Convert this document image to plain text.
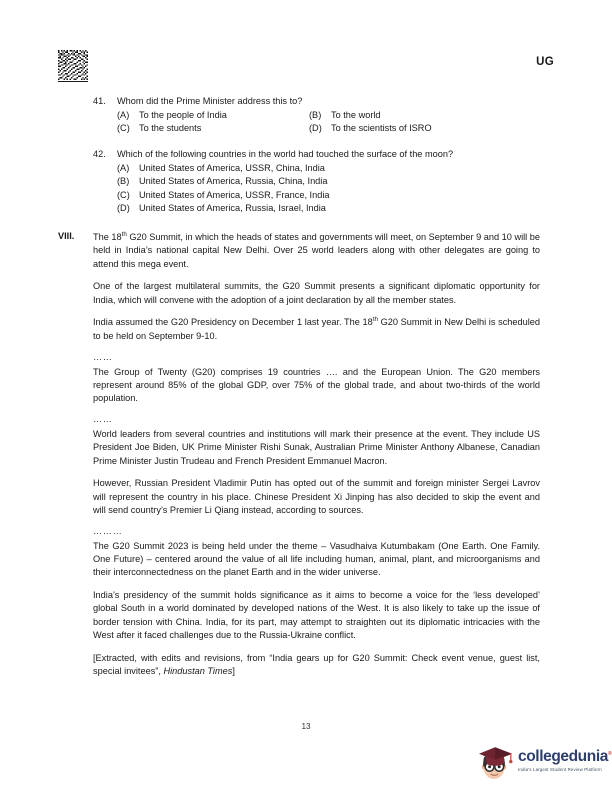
UG
41.	Whom did the Prime Minister address this to?
(A)	To the people of India	(B)	To the world
(C)	To the students	(D)	To the scientists of ISRO
42.	Which of the following countries in the world had touched the surface of the moon?
(A)	United States of America, USSR, China, India
(B)	United States of America, Russia, China, India
(C)	United States of America, USSR, France, India
(D)	United States of America, Russia, Israel, India
VIII.	The 18th G20 Summit, in which the heads of states and governments will meet, on September 9 and 10 will be held in India’s national capital New Delhi. Over 25 world leaders along with other delegates are going to attend this mega event.

One of the largest multilateral summits, the G20 Summit presents a significant diplomatic opportunity for India, which will convene with the adoption of a joint declaration by all the member states.

India assumed the G20 Presidency on December 1 last year. The 18th G20 Summit in New Delhi is scheduled to be held on September 9-10.

……

The Group of Twenty (G20) comprises 19 countries …. and the European Union. The G20 members represent around 85% of the global GDP, over 75% of the global trade, and about two-thirds of the world population.

……

World leaders from several countries and institutions will mark their presence at the event. They include US President Joe Biden, UK Prime Minister Rishi Sunak, Australian Prime Minister Anthony Albanese, Canadian Prime Minister Justin Trudeau and French President Emmanuel Macron.

However, Russian President Vladimir Putin has opted out of the summit and foreign minister Sergei Lavrov will represent the country in his place. Chinese President Xi Jinping has also decided to skip the event and will send country’s Premier Li Qiang instead, according to sources.

………

The G20 Summit 2023 is being held under the theme – Vasudhaiva Kutumbakam (One Earth. One Family. One Future) – centered around the value of all life including human, animal, plant, and microorganisms and their interconnectedness on the planet Earth and in the wider universe.

India’s presidency of the summit holds significance as it aims to become a voice for the ‘less developed’ global South in a world dominated by developed nations of the West. It is also likely to take up the issue of border tension with China. India, for its part, may attempt to straighten out its diplomatic intricacies with the West after it faced challenges due to the Russia-Ukraine conflict.

[Extracted, with edits and revisions, from “India gears up for G20 Summit: Check event venue, guest list, special invitees”, Hindustan Times]

13
collegedunia®
India's Largest Student Review Platform
